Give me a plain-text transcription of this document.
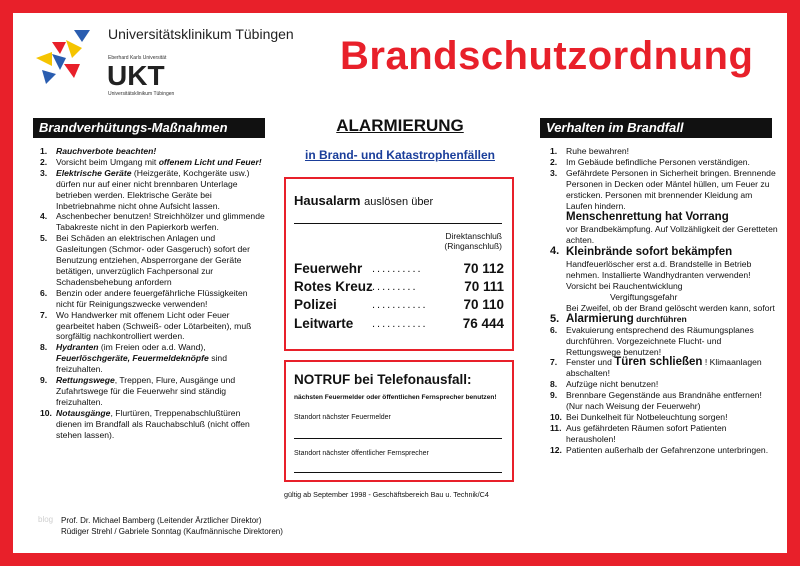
Universitätsklinikum Tübingen
Eberhard Karls Universität
UKT
Universitätsklinikum Tübingen
Brandschutzordnung
Brandverhütungs-Maßnahmen
1. Rauchverbote beachten!
2. Vorsicht beim Umgang mit offenem Licht und Feuer!
3. Elektrische Geräte (Heizgeräte, Kochgeräte usw.) dürfen nur auf einer nicht brennbaren Unterlage betrieben werden. Elektrische Geräte bei Inbetriebnahme nicht ohne Aufsicht lassen.
4. Aschenbecher benutzen! Streichhölzer und glimmende Tabakreste nicht in den Papierkorb werfen.
5. Bei Schäden an elektrischen Anlagen und Gasleitungen (Schmor- oder Gasgeruch) sofort der Benutzung entziehen, Absperrorgane der Geräte betätigen, unverzüglich Fachpersonal zur Schadensbehebung anfordern
6. Benzin oder andere feuergefährliche Flüssigkeiten nicht für Reinigungszwecke verwenden!
7. Wo Handwerker mit offenem Licht oder Feuer gearbeitet haben (Schweiß- oder Lötarbeiten), muß sorgfältig nachkontrolliert werden.
8. Hydranten (im Freien oder a.d. Wand), Feuerlöschgeräte, Feuermeldeknöpfe sind freizuhalten.
9. Rettungswege, Treppen, Flure, Ausgänge und Zufahrtswege für die Feuerwehr sind ständig freizuhalten.
10. Notausgänge, Flurtüren, Treppenabschlußtüren dienen im Brandfall als Rauchabschluß (nicht offen stehen lassen).
ALARMIERUNG
in Brand- und Katastrophenfällen
Hausalarm auslösen über
Direktanschluß
(Ringanschluß)
Feuerwehr ..........	70 112
Rotes Kreuz .........	70 111
Polizei	...........	70 110
Leitwarte ...........	76 444
NOTRUF bei Telefonausfall:
nächsten Feuermelder oder öffentlichen Fernsprecher benutzen!
Standort nächster Feuermelder
Standort nächster öffentlicher Fernsprecher
gültig ab September 1998 - Geschäftsbereich Bau u. Technik/C4
Verhalten im Brandfall
1. Ruhe bewahren!
2. Im Gebäude befindliche Personen verständigen.
3. Gefährdete Personen in Sicherheit bringen. Brennende Personen in Decken oder Mäntel hüllen, um Feuer zu ersticken. Personen mit brennender Kleidung am Laufen hindern.
Menschenrettung hat Vorrang
vor Brandbekämpfung. Auf Vollzähligkeit der Geretteten achten.
4. Kleinbrände sofort bekämpfen
Handfeuerlöscher erst a.d. Brandstelle in Betrieb nehmen. Installierte Wandhydranten verwenden! Vorsicht bei Rauchentwicklung
Vergiftungsgefahr
Bei Zweifel, ob der Brand gelöscht werden kann, sofort
5. Alarmierung durchführen
6. Evakuierung entsprechend des Räumungsplanes durchführen. Vorgezeichnete Flucht- und Rettungswege benutzen!
7. Fenster und Türen schließen ! Klimaanlagen abschalten!
8. Aufzüge nicht benutzen!
9. Brennbare Gegenstände aus Brandnähe entfernen! (Nur nach Weisung der Feuerwehr)
10. Bei Dunkelheit für Notbeleuchtung sorgen!
11. Aus gefährdeten Räumen sofort Patienten herausholen!
12. Patienten außerhalb der Gefahrenzone unterbringen.
blog Prof. Dr. Michael Bamberg (Leitender Ärztlicher Direktor)
Rüdiger Strehl / Gabriele Sonntag (Kaufmännische Direktoren)
